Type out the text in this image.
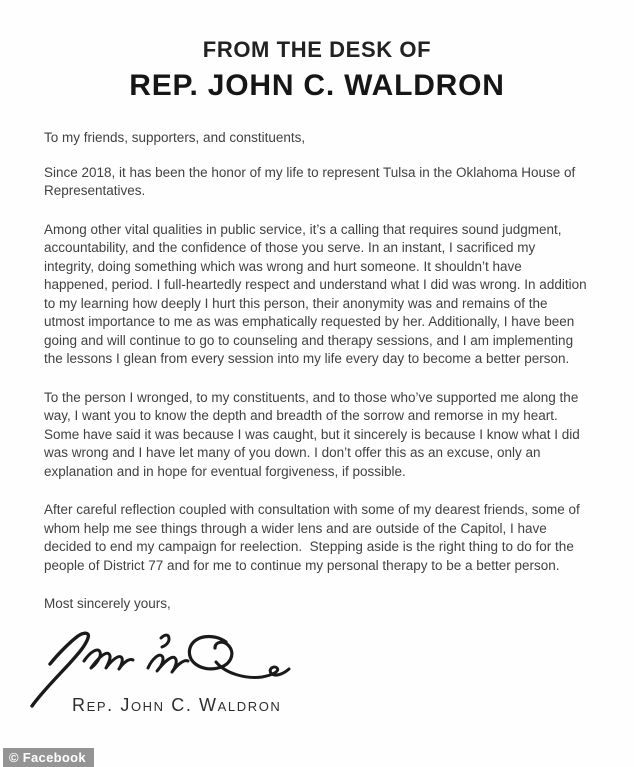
FROM THE DESK OF
REP. JOHN C. WALDRON

To my friends, supporters, and constituents,

Since 2018, it has been the honor of my life to represent Tulsa in the Oklahoma House of Representatives.

Among other vital qualities in public service, it’s a calling that requires sound judgment, accountability, and the confidence of those you serve. In an instant, I sacrificed my integrity, doing something which was wrong and hurt someone. It shouldn’t have happened, period. I full-heartedly respect and understand what I did was wrong. In addition to my learning how deeply I hurt this person, their anonymity was and remains of the utmost importance to me as was emphatically requested by her. Additionally, I have been going and will continue to go to counseling and therapy sessions, and I am implementing the lessons I glean from every session into my life every day to become a better person.

To the person I wronged, to my constituents, and to those who’ve supported me along the way, I want you to know the depth and breadth of the sorrow and remorse in my heart. Some have said it was because I was caught, but it sincerely is because I know what I did was wrong and I have let many of you down. I don’t offer this as an excuse, only an explanation and in hope for eventual forgiveness, if possible.

After careful reflection coupled with consultation with some of my dearest friends, some of whom help me see things through a wider lens and are outside of the Capitol, I have decided to end my campaign for reelection.  Stepping aside is the right thing to do for the people of District 77 and for me to continue my personal therapy to be a better person.

Most sincerely yours,

Rep. John C. Waldron
© Facebook
